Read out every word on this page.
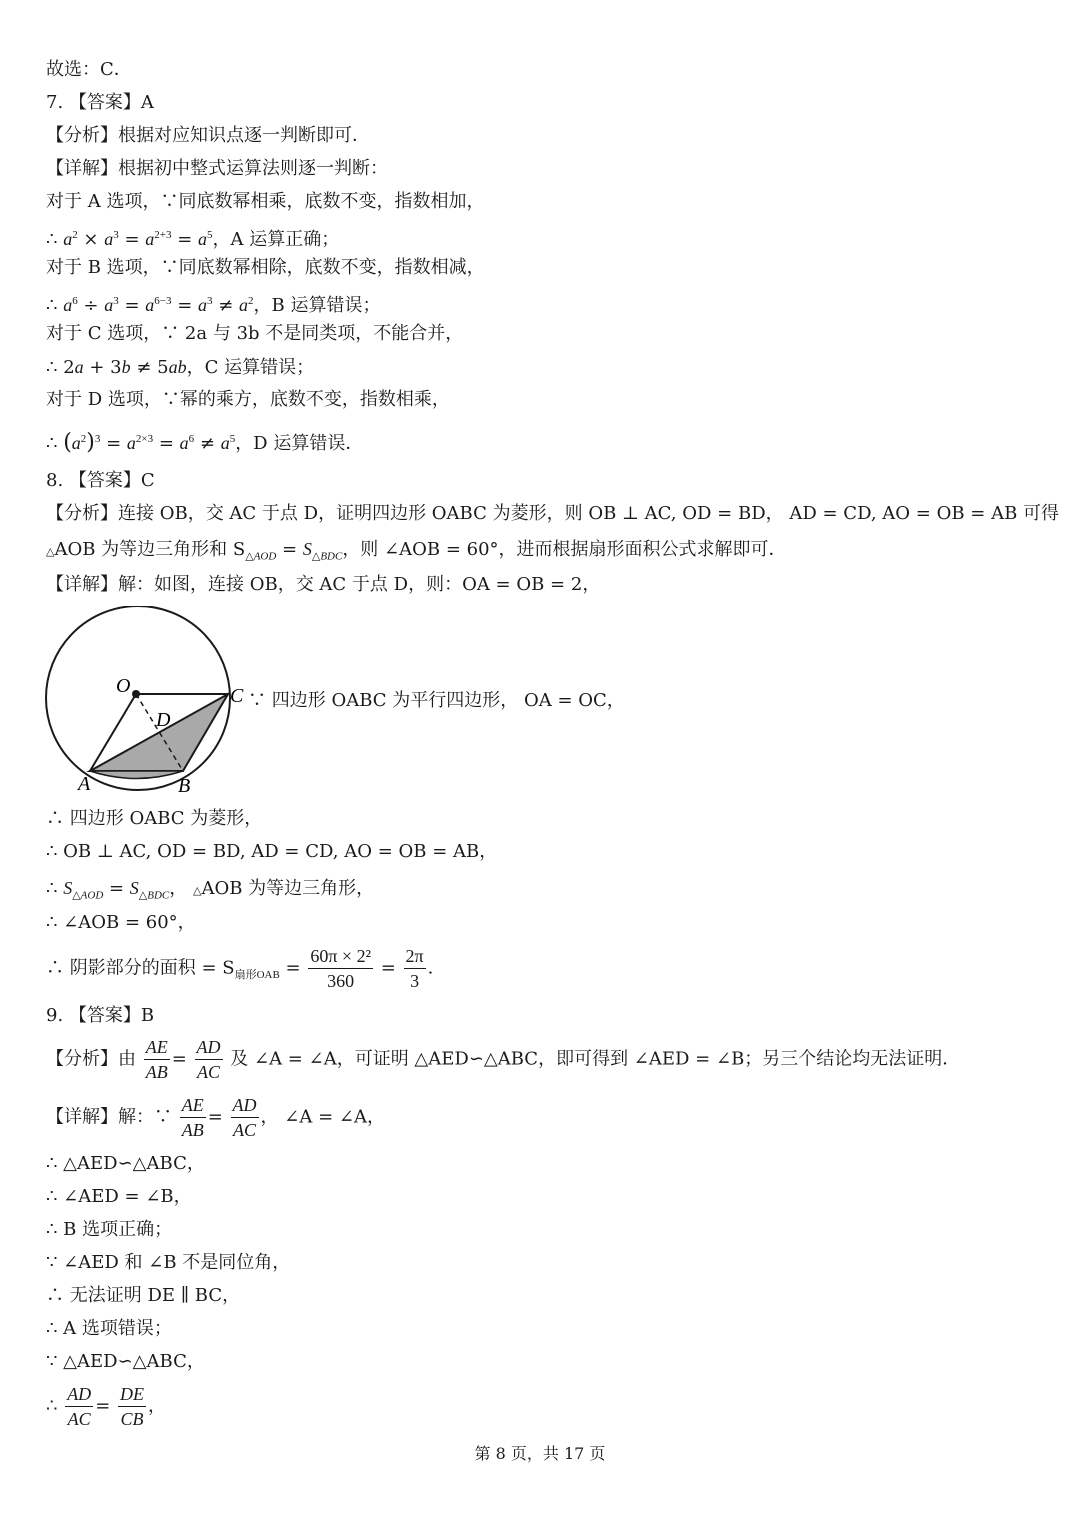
故选：C．
7. 【答案】A
【分析】根据对应知识点逐一判断即可．
【详解】根据初中整式运算法则逐一判断：
对于 A 选项，∵同底数幂相乘，底数不变，指数相加，
∴ $a^2 \times a^3 = a^{2+3} = a^5$，A 运算正确；
对于 B 选项，∵同底数幂相除，底数不变，指数相减，
∴ $a^6 \div a^3 = a^{6-3} = a^3 \ne a^2$，B 运算错误；
对于 C 选项，∵ 2a 与 3b 不是同类项，不能合并，
∴ 2a + 3b ≠ 5ab，C 运算错误；
对于 D 选项，∵幂的乘方，底数不变，指数相乘，
∴ $(a^2)^3 = a^{2\times 3} = a^6 \ne a^5$，D 运算错误．
8. 【答案】C
【分析】连接 OB，交 AC 于点 D，证明四边形 OABC 为菱形，则 OB ⊥ AC, OD = BD， AD = CD, AO = OB = AB 可得
△AOB 为等边三角形和 $S_{\triangle AOD} = S_{\triangle BDC}$，则 ∠AOB = 60°，进而根据扇形面积公式求解即可．
【详解】解：如图，连接 OB，交 AC 于点 D，则：OA = OB = 2，
O	C
D
A	B
∵ 四边形 OABC 为平行四边形， OA = OC，
∴ 四边形 OABC 为菱形，
∴ OB ⊥ AC, OD = BD, AD = CD, AO = OB = AB，
∴ $S_{\triangle AOD} = S_{\triangle BDC}$， △AOB 为等边三角形，
∴ ∠AOB = 60°，
∴ 阴影部分的面积 = $S_{扇形OAB} = \frac{\text{60π × 2²}}{360} = \frac{2\pi}{3}$ .
9. 【答案】B
【分析】由 $\frac{AE}{AB} = \frac{AD}{AC}$ 及 ∠A = ∠A，可证明 △AED∽△ABC，即可得到 ∠AED = ∠B；另三个结论均无法证明．
【详解】解：∵ $\frac{AE}{AB} = \frac{AD}{AC}$ ， ∠A = ∠A，
∴ △AED∽△ABC，
∴ ∠AED = ∠B，
∴ B 选项正确；
∵ ∠AED 和 ∠B 不是同位角，
∴ 无法证明 DE ∥ BC，
∴ A 选项错误；
∵ △AED∽△ABC，
∴ $\frac{AD}{AC} = \frac{DE}{CB}$ ，
第 8 页，共 17 页
